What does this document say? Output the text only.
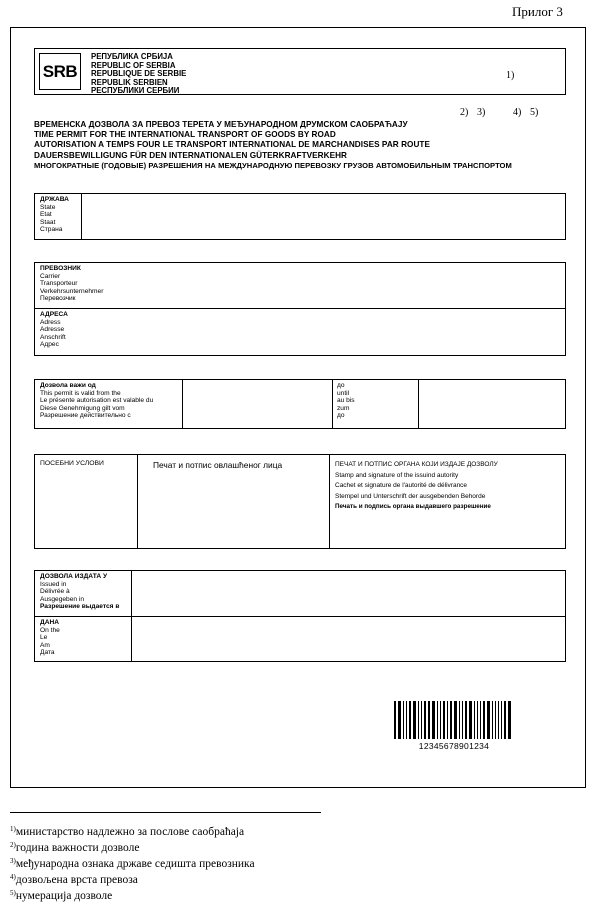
Прилог 3
SRB
РЕПУБЛИКА СРБИЈА
REPUBLIC OF SERBIA
REPUBLIQUE DE SERBIE
REPUBLIK SERBIEN
РЕСПУБЛИКИ СЕРБИИ
1)
2) 3)	4) 5)
ВРЕМЕНСКА ДОЗВОЛА ЗА ПРЕВОЗ ТЕРЕТА У МЕЂУНАРОДНОМ ДРУМСКОМ САОБРАЋАЈУ
TIME PERMIT FOR THE INTERNATIONAL TRANSPORT OF GOODS BY ROAD
AUTORISATION A TEMPS FOUR LE TRANSPORT INTERNATIONAL DE MARCHANDISES PAR ROUTE
DAUERSBEWILLIGUNG FÜR DEN INTERNATIONALEN GÜTERKRAFTVERKEHR
МНОГОКРАТНЫЕ (ГОДОВЫЕ) РАЗРЕШЕНИЯ НА МЕЖДУНАРОДНУЮ ПЕРЕВОЗКУ ГРУЗОВ АВТОМОБИЛЬНЫМ ТРАНСПОРТОМ
ДРЖАВА
State
Etat
Staat
Страна
ПРЕВОЗНИК
Carrier
Transporteur
Verkehrsunternehmer
Перевозчик
АДРЕСА
Adress
Adresse
Anschrift
Адрес
Дозвола важи од
This permit is valid from the
Le présente autorisation est valable du
Diese Genehmigung gilt vom
Разрешение действительно с
до
until
au bis
zum
до
ПОСЕБНИ УСЛОВИ	Печат и потпис овлашћеног лица	ПЕЧАТ И ПОТПИС ОРГАНА КОЈИ ИЗДАЈЕ ДОЗВОЛУ
Stamp and signature of the issuind autority
Cachet et signature de l'autorité de délivrance
Stempel und Unterschrift der ausgebenden Behorde
Печать и подпись органа выдавшего разрешение
ДОЗВОЛА ИЗДАТА У
Issued in
Délivrée à
Ausgegeben in
Разрешение выдается в
ДАНА
On the
Le
Am
Дата
12345678901234
$^{1)}$министарство надлежно за послове саобраћаја
$^{2)}$година важности дозволе
$^{3)}$међународна ознака државе седишта превозника
$^{4)}$дозвољена врста превоза
$^{5)}$нумерација дозволе
